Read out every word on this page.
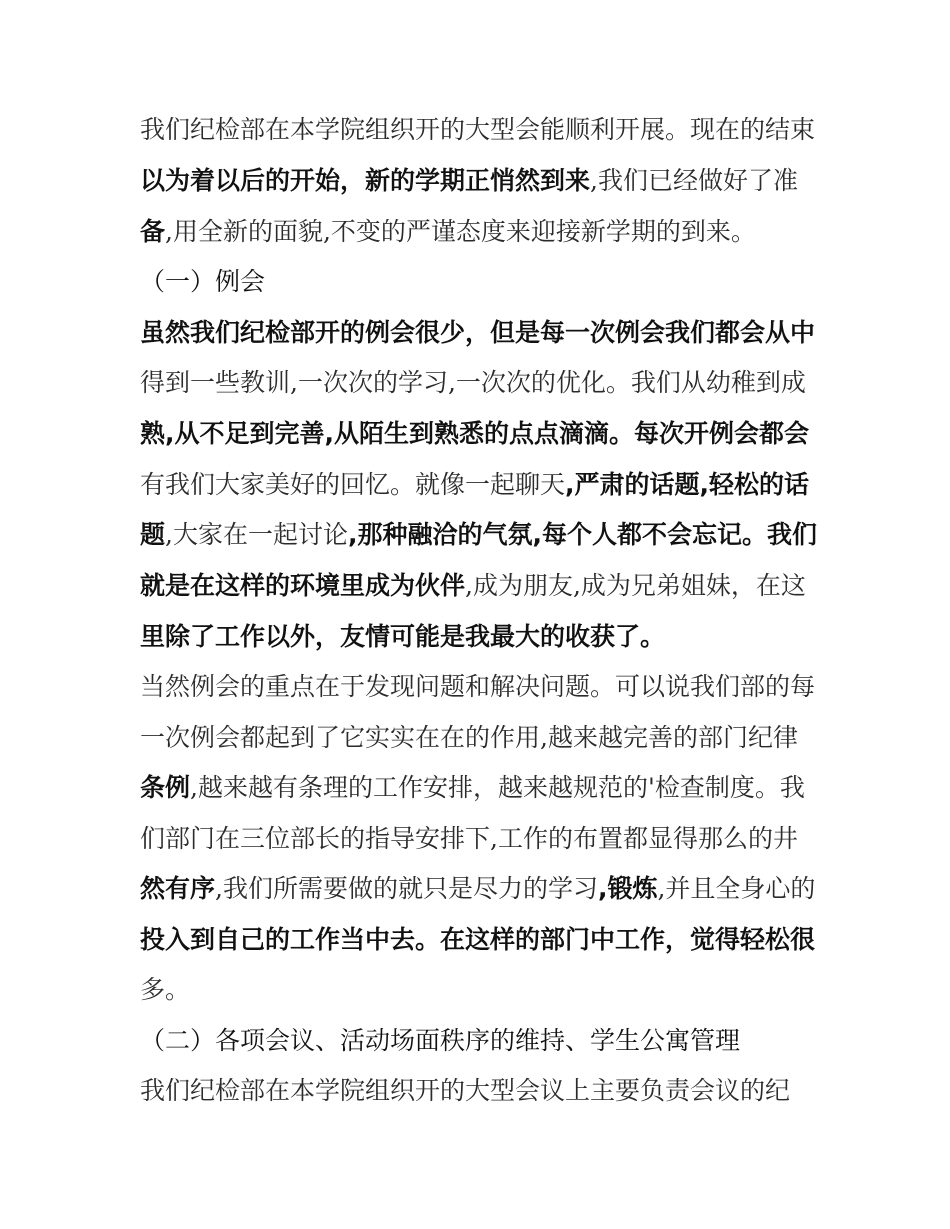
我们纪检部在本学院组织开的大型会能顺利开展。现在的结束
以为着以后的开始，新的学期正悄然到来,我们已经做好了准
备,用全新的面貌,不变的严谨态度来迎接新学期的到来。
（一）例会
虽然我们纪检部开的例会很少，但是每一次例会我们都会从中
得到一些教训,一次次的学习,一次次的优化。我们从幼稚到成
熟,从不足到完善,从陌生到熟悉的点点滴滴。每次开例会都会
有我们大家美好的回忆。就像一起聊天,严肃的话题,轻松的话
题,大家在一起讨论,那种融洽的气氛,每个人都不会忘记。我们
就是在这样的环境里成为伙伴,成为朋友,成为兄弟姐妹，在这
里除了工作以外，友情可能是我最大的收获了。
当然例会的重点在于发现问题和解决问题。可以说我们部的每
一次例会都起到了它实实在在的作用,越来越完善的部门纪律
条例,越来越有条理的工作安排，越来越规范的'检查制度。我
们部门在三位部长的指导安排下,工作的布置都显得那么的井
然有序,我们所需要做的就只是尽力的学习,锻炼,并且全身心的
投入到自己的工作当中去。在这样的部门中工作，觉得轻松很
多。
（二）各项会议、活动场面秩序的维持、学生公寓管理
我们纪检部在本学院组织开的大型会议上主要负责会议的纪
